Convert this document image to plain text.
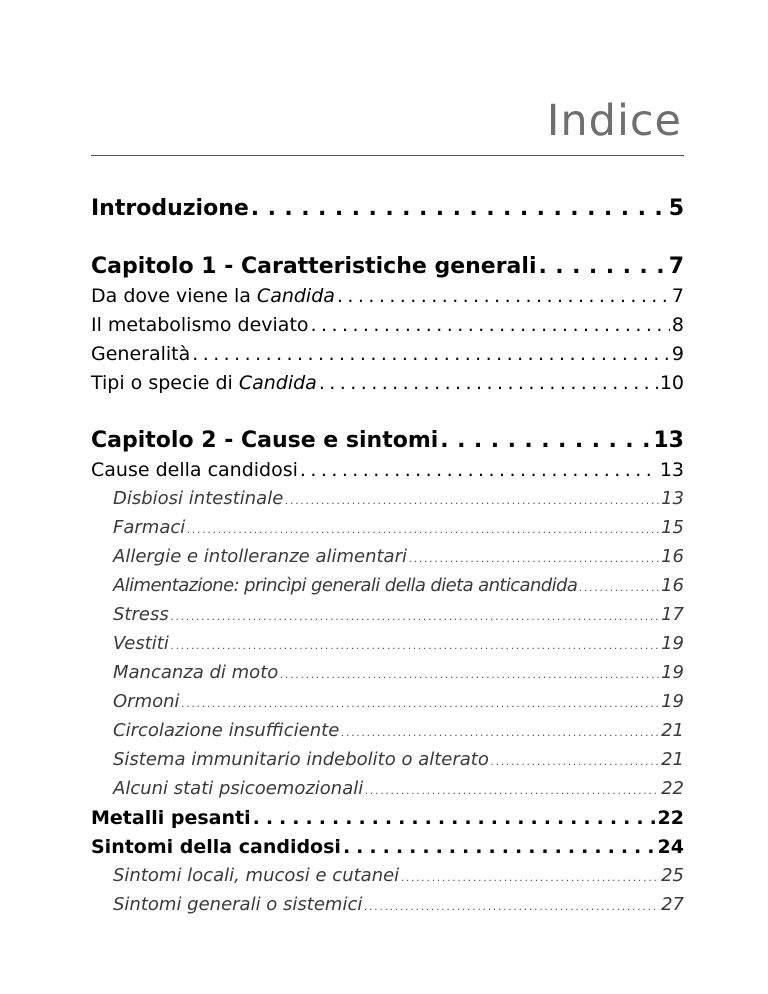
Indice
Introduzione . . .	5
Capitolo 1 - Caratteristiche generali . . .	7
Da dove viene la Candida . . .	7
Il metabolismo deviato . . .	8
Generalità . . .	9
Tipi o specie di Candida . . .	10
Capitolo 2 - Cause e sintomi . . .	13
Cause della candidosi . . .	13
Disbiosi intestinale . . .	13
Farmaci . . .	15
Allergie e intolleranze alimentari . . .	16
Alimentazione: princìpi generali della dieta anticandida . . .	16
Stress . . .	17
Vestiti . . .	19
Mancanza di moto . . .	19
Ormoni . . .	19
Circolazione insufficiente . . .	21
Sistema immunitario indebolito o alterato . . .	21
Alcuni stati psicoemozionali . . .	22
Metalli pesanti . . .	22
Sintomi della candidosi . . .	24
Sintomi locali, mucosi e cutanei . . .	25
Sintomi generali o sistemici . . .	27
